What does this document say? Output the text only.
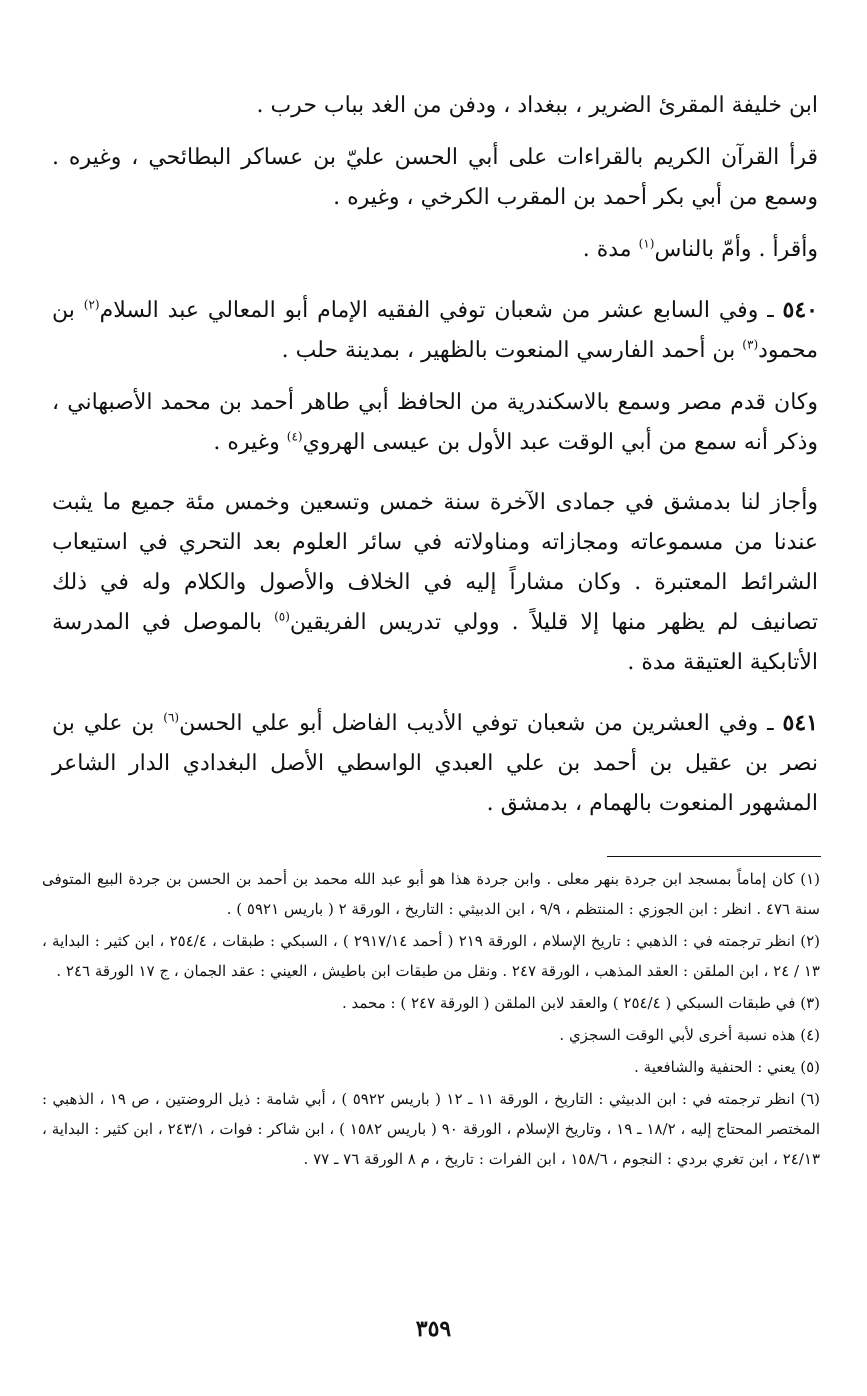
ابن خليفة المقرئ الضرير ، ببغداد ، ودفن من الغد بباب حرب .

قرأ القرآن الكريم بالقراءات على أبي الحسن عليّ بن عساكر البطائحي ، وغيره . وسمع من أبي بكر أحمد بن المقرب الكرخي ، وغيره .

وأقرأ . وأمّ بالناس$^{(١)}$ مدة .

٥٤٠ ـ وفي السابع عشر من شعبان توفي الفقيه الإمام أبو المعالي عبد السلام$^{(٢)}$ بن محمود$^{(٣)}$ بن أحمد الفارسي المنعوت بالظهير ، بمدينة حلب .

وكان قدم مصر وسمع بالاسكندرية من الحافظ أبي طاهر أحمد بن محمد الأصبهاني ، وذكر أنه سمع من أبي الوقت عبد الأول بن عيسى الهروي$^{(٤)}$ وغيره .

وأجاز لنا بدمشق في جمادى الآخرة سنة خمس وتسعين وخمس مئة جميع ما يثبت عندنا من مسموعاته ومجازاته ومناولاته في سائر العلوم بعد التحري في استيعاب الشرائط المعتبرة . وكان مشاراً إليه في الخلاف والأصول والكلام وله في ذلك تصانيف لم يظهر منها إلا قليلاً . وولي تدريس الفريقين$^{(٥)}$ بالموصل في المدرسة الأتابكية العتيقة مدة .

٥٤١ ـ وفي العشرين من شعبان توفي الأديب الفاضل أبو علي الحسن$^{(٦)}$ بن علي بن نصر بن عقيل بن أحمد بن علي العبدي الواسطي الأصل البغدادي الدار الشاعر المشهور المنعوت بالهمام ، بدمشق .

(١) كان إماماً بمسجد ابن جردة بنهر معلى . وابن جردة هذا هو أبو عبد الله محمد بن أحمد بن الحسن بن جردة البيع المتوفى سنة ٤٧٦ . انظر : ابن الجوزي : المنتظم ، ٩/٩ ، ابن الدبيثي : التاريخ ، الورقة ٢ ( باريس ٥٩٢١ ) .

(٢) انظر ترجمته في : الذهبي : تاريخ الإسلام ، الورقة ٢١٩ ( أحمد ٢٩١٧/١٤ ) ، السبكي : طبقات ، ٢٥٤/٤ ، ابن كثير : البداية ، ١٣ / ٢٤ ، ابن الملقن : العقد المذهب ، الورقة ٢٤٧ . ونقل من طبقات ابن باطيش ، العيني : عقد الجمان ، ج ١٧ الورقة ٢٤٦ .

(٣) في طبقات السبكي ( ٢٥٤/٤ ) والعقد لابن الملقن ( الورقة ٢٤٧ ) : محمد .

(٤) هذه نسبة أخرى لأبي الوقت السجزي .

(٥) يعني : الحنفية والشافعية .

(٦) انظر ترجمته في : ابن الدبيثي : التاريخ ، الورقة ١١ ـ ١٢ ( باريس ٥٩٢٢ ) ، أبي شامة : ذيل الروضتين ، ص ١٩ ، الذهبي : المختصر المحتاج إليه ، ١٨/٢ ـ ١٩ ، وتاريخ الإسلام ، الورقة ٩٠ ( باريس ١٥٨٢ ) ، ابن شاكر : فوات ، ٢٤٣/١ ، ابن كثير : البداية ، ٢٤/١٣ ، ابن تغري بردي : النجوم ، ١٥٨/٦ ، ابن الفرات : تاريخ ، م ٨ الورقة ٧٦ ـ ٧٧ .

٣٥٩
